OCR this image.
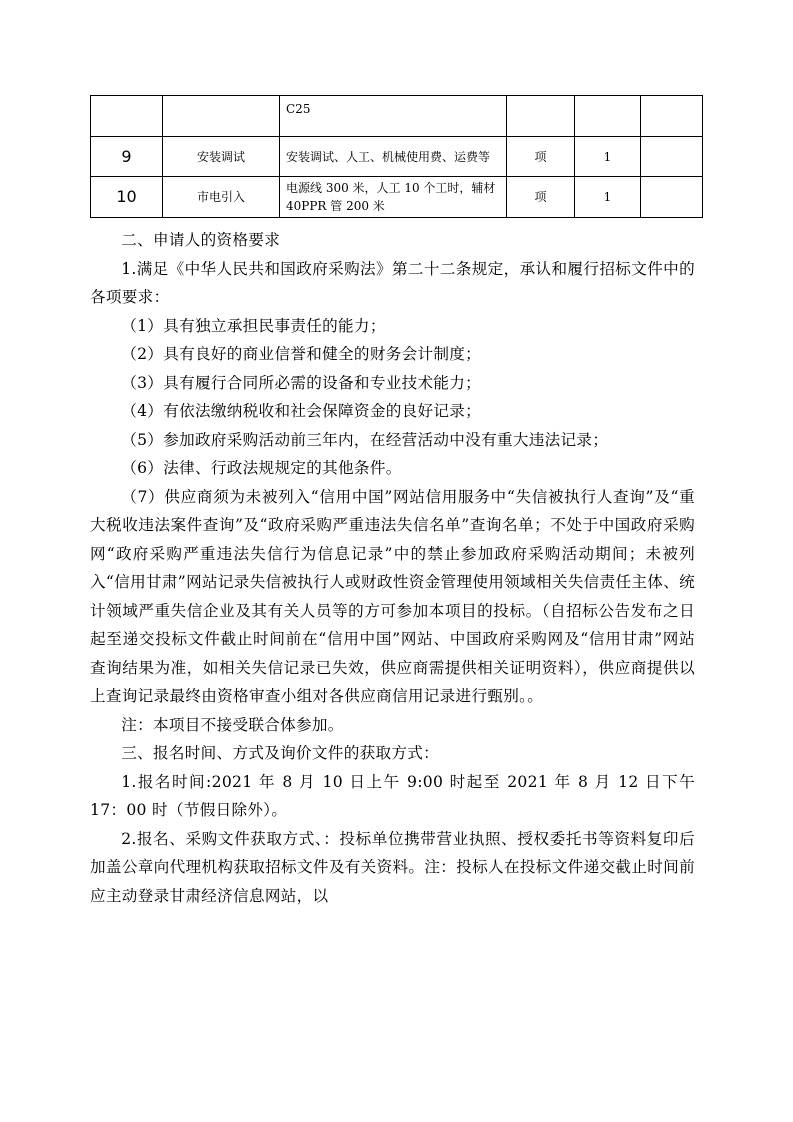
		C25			
9	安装调试	安装调试、人工、机械使用费、运费等	项	1	
10	市电引入	电源线 300 米，人工 10 个工时，辅材 40PPR 管 200 米	项	1	

二、申请人的资格要求

1.满足《中华人民共和国政府采购法》第二十二条规定，承认和履行招标文件中的各项要求：

（1）具有独立承担民事责任的能力；

（2）具有良好的商业信誉和健全的财务会计制度；

（3）具有履行合同所必需的设备和专业技术能力；

（4）有依法缴纳税收和社会保障资金的良好记录；

（5）参加政府采购活动前三年内，在经营活动中没有重大违法记录；

（6）法律、行政法规规定的其他条件。

（7）供应商须为未被列入“信用中国”网站信用服务中“失信被执行人查询”及“重大税收违法案件查询”及“政府采购严重违法失信名单”查询名单；不处于中国政府采购网“政府采购严重违法失信行为信息记录”中的禁止参加政府采购活动期间；未被列入“信用甘肃”网站记录失信被执行人或财政性资金管理使用领域相关失信责任主体、统计领域严重失信企业及其有关人员等的方可参加本项目的投标。（自招标公告发布之日起至递交投标文件截止时间前在“信用中国”网站、中国政府采购网及“信用甘肃”网站查询结果为准，如相关失信记录已失效，供应商需提供相关证明资料），供应商提供以上查询记录最终由资格审查小组对各供应商信用记录进行甄别。。

注：本项目不接受联合体参加。

三、报名时间、方式及询价文件的获取方式：

1.报名时间:2021 年 8 月 10 日上午 9:00 时起至 2021 年 8 月 12 日下午 17：00 时（节假日除外）。

2.报名、采购文件获取方式、：投标单位携带营业执照、授权委托书等资料复印后加盖公章向代理机构获取招标文件及有关资料。注：投标人在投标文件递交截止时间前应主动登录甘肃经济信息网站，以
